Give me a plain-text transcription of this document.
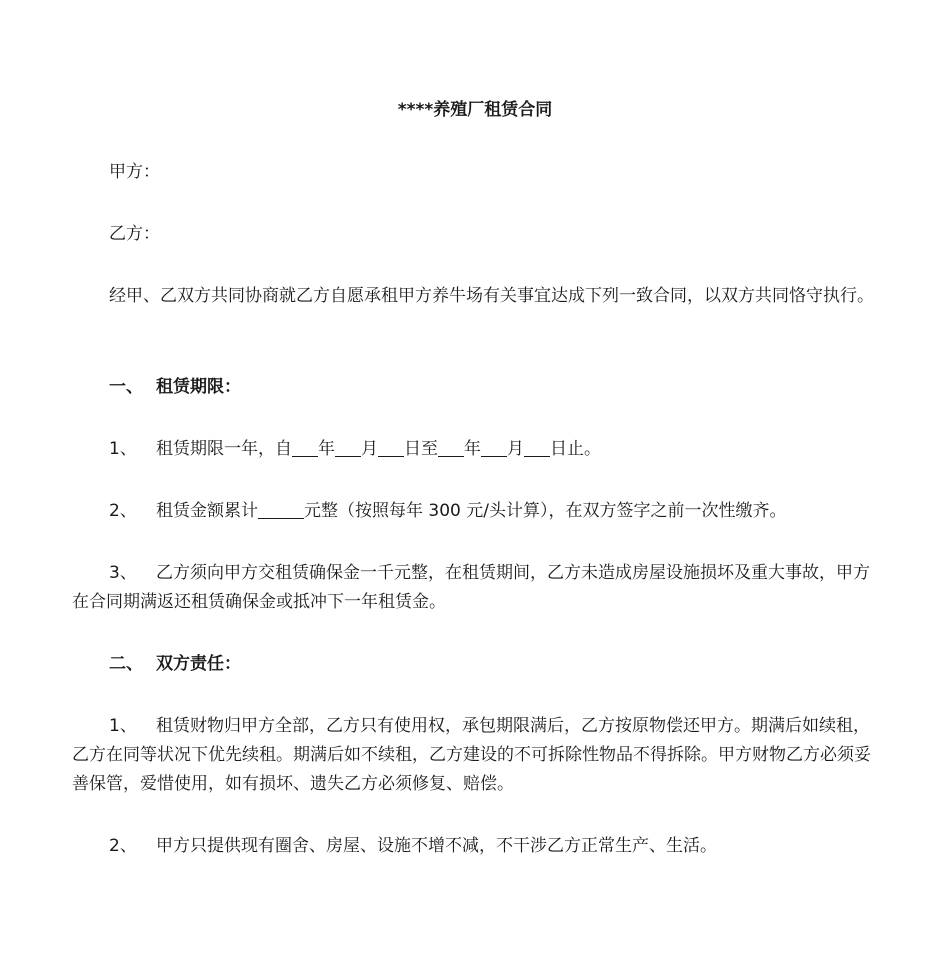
****养殖厂租赁合同
甲方：
乙方：
经甲、乙双方共同协商就乙方自愿承租甲方养牛场有关事宜达成下列一致合同，以双方共同恪守执行。
一、 租赁期限：
1、 租赁期限一年，自 年 月 日至 年 月 日止。
2、 租赁金额累计	元整（按照每年 300 元/头计算），在双方签字之前一次性缴齐。
3、 乙方须向甲方交租赁确保金一千元整，在租赁期间，乙方未造成房屋设施损坏及重大事故，甲方在合同期满返还租赁确保金或抵冲下一年租赁金。
二、 双方责任：
1、 租赁财物归甲方全部，乙方只有使用权，承包期限满后，乙方按原物偿还甲方。期满后如续租，乙方在同等状况下优先续租。期满后如不续租，乙方建设的不可拆除性物品不得拆除。甲方财物乙方必须妥善保管，爱惜使用，如有损坏、遗失乙方必须修复、赔偿。
2、 甲方只提供现有圈舍、房屋、设施不增不减，不干涉乙方正常生产、生活。
